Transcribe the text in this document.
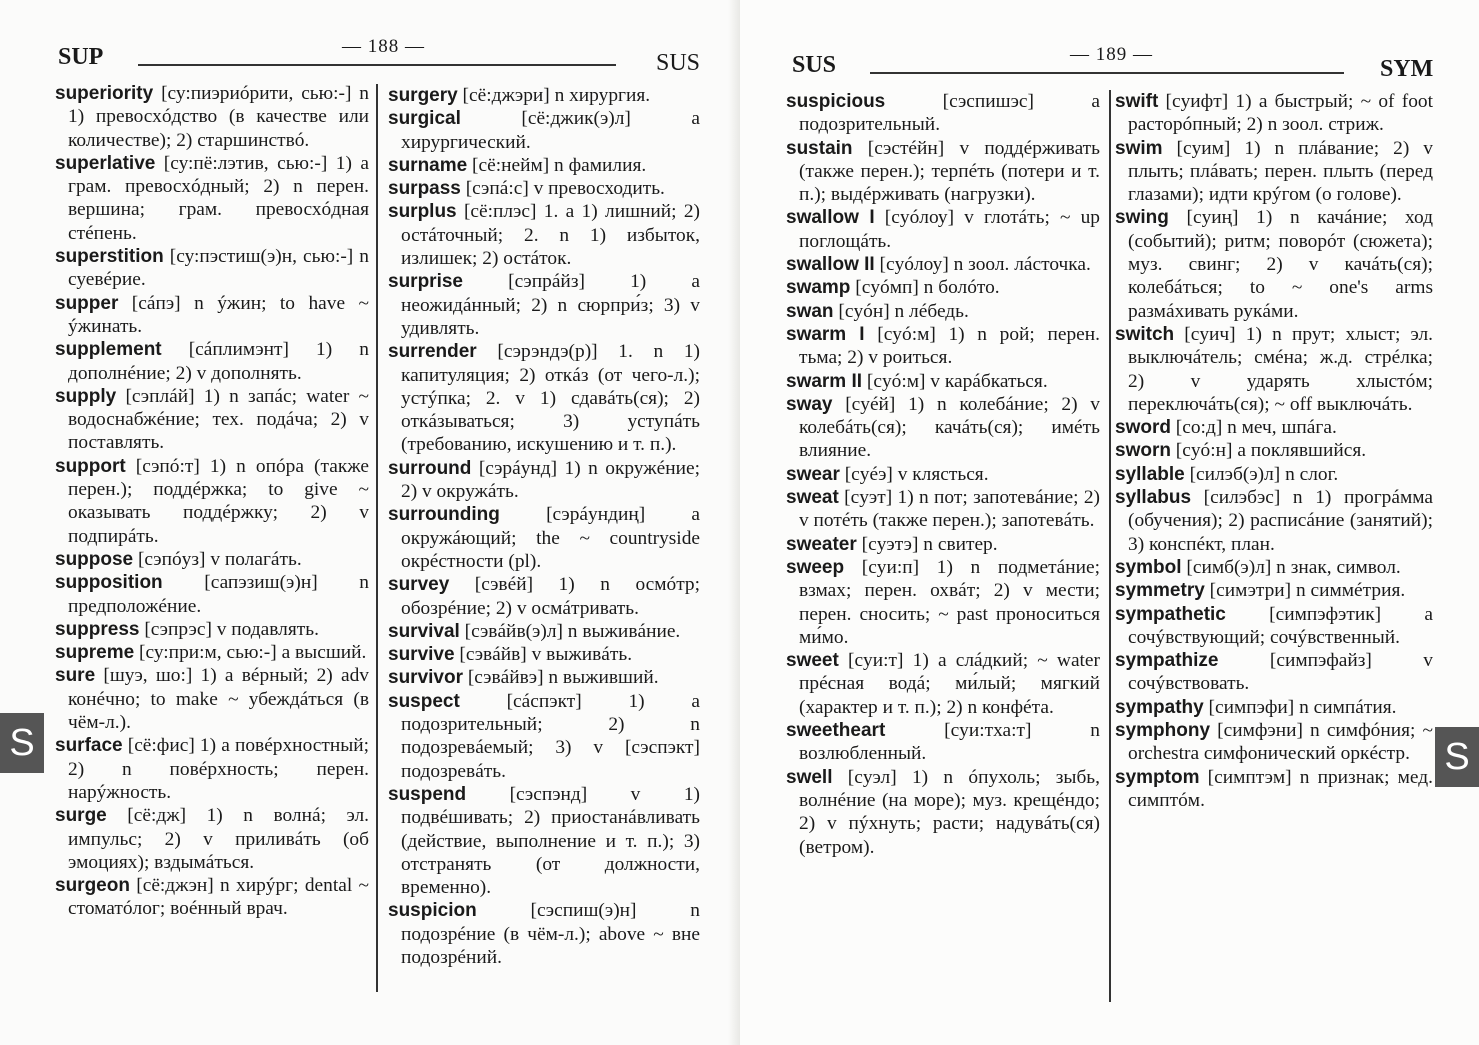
SUP	— 188 —
SUS

superiority [су:пиэриóрити, сью:-] n 1) превосхóдство (в качестве или количестве); 2) старшинствó.

superlative [су:пё:лэтив, сью:-] 1) a грам. превосхóдный; 2) n перен. вершина; грам. превосхóдная стéпень.

superstition [су:пэстиш(э)н, сью:-] n суевéрие.

supper [сáпэ] n ýжин; to have ~ ýжинать.

supplement [сáплимэнт] 1) n дополнéние; 2) v дополнять.

supply [сэплáй] 1) n запáс; water ~ водоснабжéние; тех. подáча; 2) v поставлять.

support [сэпó:т] 1) n опóра (также перен.); поддéржка; to give ~ оказывать поддéржку; 2) v подпирáть.

suppose [сэпóуз] v полагáть.

supposition [сапэзиш(э)н] n предположéние.

suppress [сэпрэс] v подавлять.

supreme [су:при:м, сью:-] a высший.

sure [шуэ, шо:] 1) a вéрный; 2) adv конéчно; to make ~ убеждáться (в чём-л.).

surface [сё:фис] 1) a повéрхностный; 2) n повéрхность; перен. нарýжность.

surge [сё:дж] 1) n волнá; эл. импульс; 2) v приливáть (об эмоциях); вздымáться.

surgeon [сё:джэн] n хирýрг; dental ~ стоматóлог; воéнный врач.

surgery [сё:джэри] n хирургия.

surgical [сё:джик(э)л] a хирургический.

surname [сё:нейм] n фамилия.

surpass [сэпá:с] v превосходить.

surplus [сё:плэс] 1. a 1) лишний; 2) остáточный; 2. n 1) избыток, излишек; 2) остáток.

surprise [сэпрáйз] 1) a неожидáнный; 2) n сюрпри́з; 3) v удивлять.

surrender [сэрэндэ(р)] 1. n 1) капитуляция; 2) откáз (от чего-л.); устýпка; 2. v 1) сдавáть(ся); 2) откáзываться; 3) уступáть (требованию, искушению и т. п.).

surround [сэрáунд] 1) n окружéние; 2) v окружáть.

surrounding [сэрáундиң] a окружáющий; the ~ countryside окрéстности (pl).

survey [сэвéй] 1) n осмóтр; обозрéние; 2) v осмáтривать.

survival [сэвáйв(э)л] n выживáние.

survive [сэвáйв] v выживáть.

survivor [сэвáйвэ] n выживший.

suspect [сáспэкт] 1) a подозрительный; 2) n подозревáемый; 3) v [сэспэкт] подозревáть.

suspend [сэспэнд] v 1) подвéшивать; 2) приостанáвливать (действие, выполнение и т. п.); 3) отстранять (от должности, временно).

suspicion [сэспиш(э)н] n подозрéние (в чём-л.); above ~ вне подозрéний.

S
SUS	— 189 —
SYM

suspicious [сэспишэс] a подозрительный.

sustain [сэстéйн] v поддéрживать (также перен.); терпéть (потери и т. п.); выдéрживать (нагрузки).

swallow I [сyóлоу] v глотáть; ~ up поглощáть.

swallow II [сyóлоу] n зоол. лáсточка.

swamp [сyóмп] n болóто.

swan [сyóн] n лéбедь.

swarm I [сyó:м] 1) n рой; перен. тьма; 2) v роиться.

swarm II [сyó:м] v карáбкаться.

sway [сyéй] 1) n колебáние; 2) v колебáть(ся); качáть(ся); имéть влияние.

swear [сyéэ] v клясться.

sweat [сyэт] 1) n пот; запотевáние; 2) v потéть (также перен.); запотевáть.

sweater [сyэтэ] n свитер.

sweep [сyи:п] 1) n подметáние; взмах; перен. охвáт; 2) v мести; перен. сносить; ~ past проноситься ми́мо.

sweet [сyи:т] 1) a слáдкий; ~ water прéсная водá; ми́лый; мягкий (характер и т. п.); 2) n конфéта.

sweetheart [сyи:тха:т] n возлюбленный.

swell [сyэл] 1) n óпухоль; зыбь, волнéние (на море); муз. крещéндо; 2) v пýхнуть; расти; надувáть(ся) (ветром).

swift [сyифт] 1) a быстрый; ~ of foot расторóпный; 2) n зоол. стриж.

swim [сyим] 1) n плáвание; 2) v плыть; плáвать; перен. плыть (перед глазами); идти крýгом (о голове).

swing [сyиң] 1) n качáние; ход (событий); ритм; поворóт (сюжета); муз. свинг; 2) v качáть(ся); колебáться; to ~ one's arms размáхивать рукáми.

switch [сyич] 1) n прут; хлыст; эл. выключáтель; смéна; ж.д. стрéлка; 2) v ударять хлыстóм; переключáть(ся); ~ off выключáть.

sword [со:д] n меч, шпáга.

sworn [сyó:н] a поклявшийся.

syllable [силэб(э)л] n слог.

syllabus [силэбэс] n 1) прогрáмма (обучения); 2) расписáние (занятий); 3) конспéкт, план.

symbol [симб(э)л] n знак, символ.

symmetry [симэтри] n симмéтрия.

sympathetic [симпэфэтик] a сочýвствующий; сочýвственный.

sympathize [симпэфайз] v сочýвствовать.

sympathy [симпэфи] n симпáтия.

symphony [симфэни] n симфóния; ~ orchestra симфонический оркéстр.

symptom [симптэм] n признак; мед. симптóм.

S
